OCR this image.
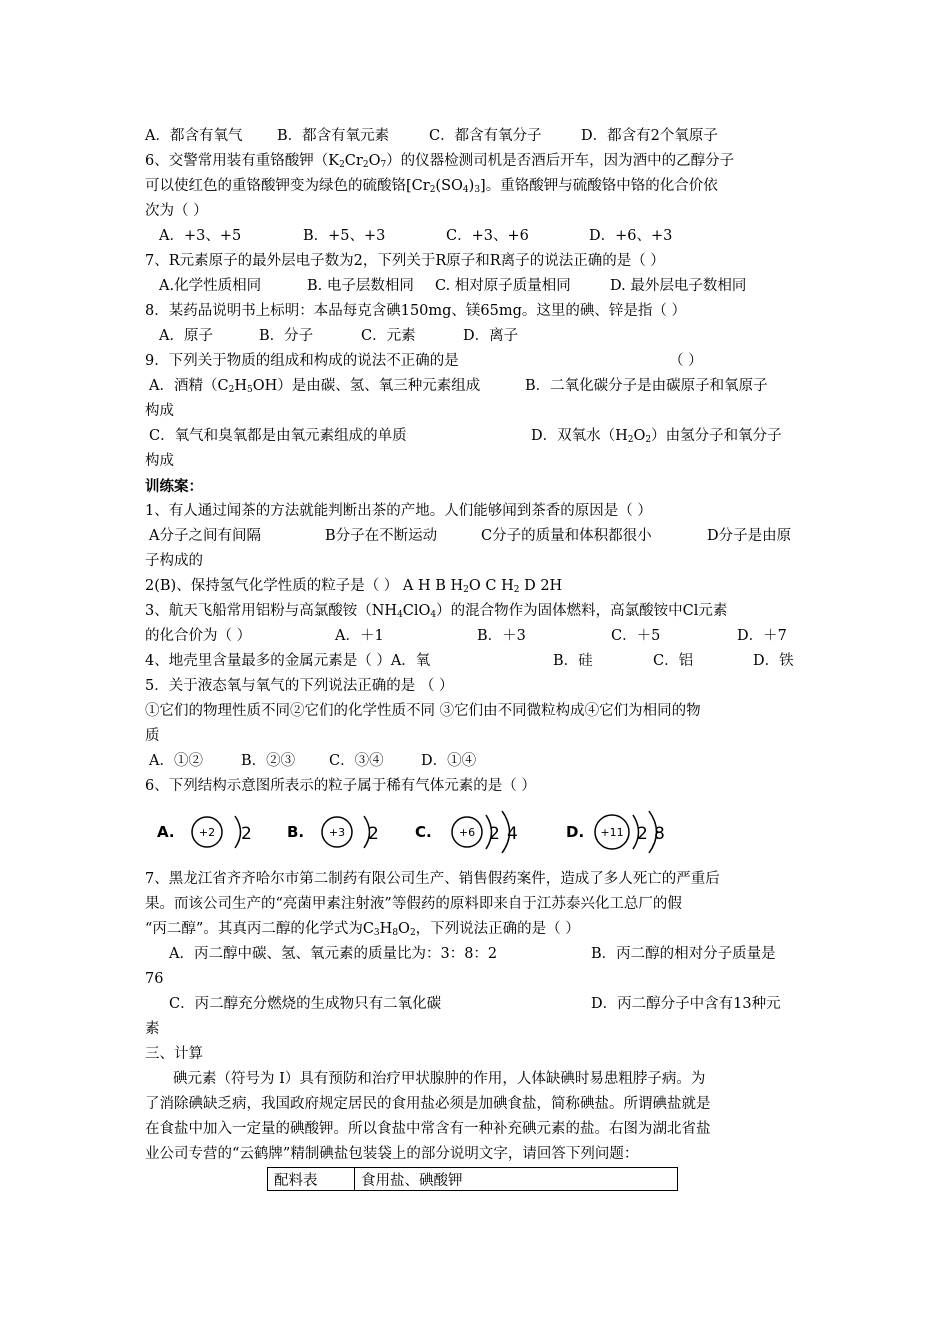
A．都含有氧气 B．都含有氧元素	C．都含有氧分子	D．都含有2个氧原子
6、交警常用装有重铬酸钾$(K_2Cr_2O_7)$的仪器检测司机是否酒后开车，因为酒中的乙醇分子
可以使红色的重铬酸钾变为绿色的硫酸铬$[Cr_2(SO_4)_3]$。重铬酸钾与硫酸铬中铬的化合价依
次为（ ）
A．+3、+5	B．+5、+3	C．+3、+6	D．+6、+3
7、R元素原子的最外层电子数为2，下列关于R原子和R离子的说法正确的是（ ）
A.化学性质相同	B. 电子层数相同 C. 相对原子质量相同	D. 最外层电子数相同
8．某药品说明书上标明：本品每克含碘150mg、镁65mg。这里的碘、锌是指（ ）
A．原子	B．分子	C．元素	D．离子
9．下列关于物质的组成和构成的说法不正确的是	（ ）
A．酒精$(C_2H_5OH)$是由碳、氢、氧三种元素组成	B．二氧化碳分子是由碳原子和氧原子
构成
C．氧气和臭氧都是由氧元素组成的单质	D．双氧水$(H_2O_2)$由氢分子和氧分子
构成
训练案：
1、有人通过闻茶的方法就能判断出茶的产地。人们能够闻到茶香的原因是（ ）
A分子之间有间隔	B分子在不断运动	C分子的质量和体积都很小	D分子是由原
子构成的
2(B)、保持氢气化学性质的粒子是（ ） A H B $H_2O$ C $H_2$ D 2H
3、航天飞船常用铝粉与高氯酸铵$(NH_4ClO_4)$的混合物作为固体燃料，高氯酸铵中Cl元素
的化合价为（ ）	A．＋1	B．＋3	C．＋5	D．＋7
4、地壳里含量最多的金属元素是（ ）A．氧	B．硅	C．铝	D．铁
5．关于液态氧与氧气的下列说法正确的是 （ ）
①它们的物理性质不同②它们的化学性质不同 ③它们由不同微粒构成④它们为相同的物
质
A．①②	B．②③ C．③④	D．①④
6、下列结构示意图所表示的粒子属于稀有气体元素的是（ ）
A. +2 2 B. +3 2 C. +6 2 4	D. +11 2 8
7、黑龙江省齐齐哈尔市第二制药有限公司生产、销售假药案件，造成了多人死亡的严重后
果。而该公司生产的“亮菌甲素注射液”等假药的原料即来自于江苏泰兴化工总厂的假
“丙二醇”。其真丙二醇的化学式为$C_3H_8O_2$，下列说法正确的是（ ）
A．丙二醇中碳、氢、氧元素的质量比为：3：8：2	B．丙二醇的相对分子质量是
76
C．丙二醇充分燃烧的生成物只有二氧化碳	D．丙二醇分子中含有13种元
素
三、计算
碘元素（符号为 I）具有预防和治疗甲状腺肿的作用，人体缺碘时易患粗脖子病。为
了消除碘缺乏病，我国政府规定居民的食用盐必须是加碘食盐，简称碘盐。所谓碘盐就是
在食盐中加入一定量的碘酸钾。所以食盐中常含有一种补充碘元素的盐。右图为湖北省盐
业公司专营的“云鹤牌”精制碘盐包装袋上的部分说明文字，请回答下列问题：
配料表	食用盐、碘酸钾
